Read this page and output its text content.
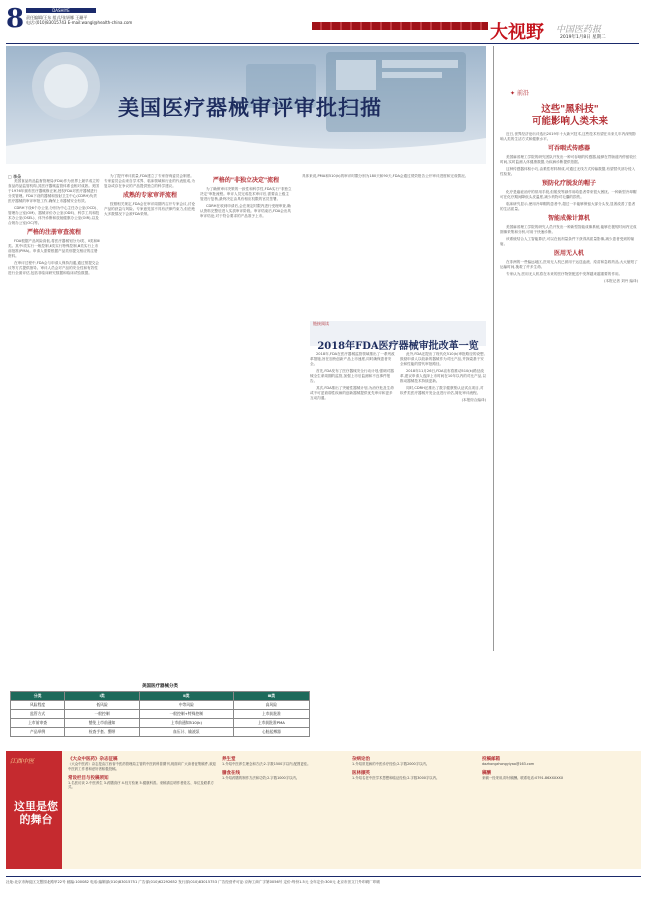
8	DASHIYE
责任编辑/王东 组式/张妍娜 王珊平
电话:(010)83015743 E-mail:wangl@health-china.com	大视野 中国医药报
2019年1月8日 星期二
美国医疗器械审评审批扫描
□ 李朵

美国食品药品监督管理局(FDA)作为世界上最早成立的食品药品监管机构,其医疗器械监管体系也相对成熟。美国于1976年颁布医疗器械修正案,授权FDA对医疗器械进行分类管理。FDA下设的器械和放射卫生中心(CDRH)负责医疗器械的审评审批工作,确保上市器械安全有效。

CDRH下设6个办公室,分别为中心主任办公室(OCD)、管理办公室(OM)、器械评价办公室(ODE)、科学工具和技术办公室(OSEL)、体外诊断和放射健康办公室(OIR),以及合规办公室(OC)等。

严格的注册审查流程

FDA根据产品风险高低,将医疗器械划分为Ⅰ类、Ⅱ类和Ⅲ类。其中Ⅰ类实行一般控制,Ⅱ类实行特殊控制,Ⅲ类实行上市前批准(PMA)。申请人需要根据产品类别提交相应的注册资料。

在审评过程中,FDA会与申请人保持沟通,通过预提交会议等方式提供指导。审评人员会对产品的安全性和有效性进行全面评估,包括非临床研究数据和临床试验数据。

为了提升审评质量,FDA建立了专家咨询委员会制度。专家委员会由来自学术界、临床领域和行业的代表组成,为复杂或存在争议的产品提供独立的科学建议。

成熟的专家审评流程

按照相关规定,FDA会在审评周期内召开专家会议,讨论产品的获益与风险。专家意见虽不具有法律约束力,但在绝大多数情况下会被FDA采纳。

严格的"非独立决定"流程

为了确保审评决策的一致性和科学性,FDA实行"非独立决定"审批流程。审评人员完成技术审评后,需要由上级主管进行复核,最终决定由具有相应权限的官员签署。

CDRH在收到申请后,会在规定时限内进行受理审查,确认资料完整后进入实质审评阶段。审评结束后,FDA会出具审评结论,对于符合要求的产品准予上市。

具体来说,PMA和510(k)的审评时限分别为180天和90天,FDA会通过绩效报告公开审评进度和完成情况。

链接阅读
2018年FDA医疗器械审批改革一览

2018年,FDA在医疗器械监管领域推出了一系列改革措施,旨在加快创新产品上市速度,同时确保患者安全。

首先,FDA发布了医疗器械安全行动计划,强调对器械全生命周期的监管,加强上市后监测和不良事件报告。

其次,FDA推出了突破性器械计划,为治疗危及生命或不可逆衰弱性疾病的创新器械提供优先审评和更多互动沟通。

此外,FDA还提出了现代化510(k)审批路径的设想,鼓励申请人以较新的器械作为对比产品,并探索基于安全和性能的替代审批路径。

2018年11月26日,FDA宣布将推动510(k)路径改革,建议申请人选择上市时间在10年以内的对比产品,以推动器械技术持续更新。

同时,CDRH还推出了数字健康预认证试点项目,对软件类医疗器械开发企业进行评估,简化审评流程。

(本报综合编译)

美国医疗器械分类
分类	Ⅰ类	Ⅱ类	Ⅲ类
风险程度	低风险	中等风险	高风险
监管方式	一般控制	一般控制+特殊控制	上市前批准
上市前审查	豁免上市前通知	上市前通知510(k)	上市前批准PMA
产品举例	检查手套、绷带	血压计、输液泵	心脏起搏器
✦ 前沿
这些"黑科技"
可能影响人类未来

近日,世界经济论坛评选出2019年十大新兴技术,这些技术有望在未来几年内深刻影响人类的生活方式和健康水平。

可吞咽式传感器

美国麻省理工学院的研究团队开发出一种可吞咽的传感器,能够在胃肠道内停留较长时间,实时监测人体健康数据,为疾病诊断提供依据。

这种传感器体积小巧,由柔性材料制成,可通过无线方式传输数据,有望替代部分侵入性检查。

预防化疗脱发的帽子

化疗是癌症治疗的常用手段,但脱发等副作用给患者带来很大困扰。一种新型冷却帽可在化疗期间降低头皮温度,减少药物对毛囊的损伤。

临床研究显示,使用冷却帽的患者中,超过一半能够保留大部分头发,显著改善了患者的生活质量。

智能成像计算机

美国麻省理工学院的研究人员开发出一种新型智能成像系统,能够在极短时间内完成图像采集和分析,可用于快速诊断。

该系统结合人工智能算法,可以在低剂量条件下获得高质量影像,减少患者受到的辐射。

医用无人机

在非洲的一些偏远地区,医用无人机已被用于运送血液、疫苗和急救药品,大大缩短了运输时间,挽救了许多生命。

专家认为,医用无人机将在未来的医疗物资配送中发挥越来越重要的作用。

(本报记者 刘丹 编译)

江西中医
这里是您的舞台
《大众中医药》杂志征稿
《大众中医药》杂志是由江西省中医药管理局主管的中医药科普期刊,现面向广大读者征集稿件,欢迎中医药工作者和爱好者积极投稿。
常设栏目与投稿须知
1.名医访谈 2.中医养生 3.药膳食疗 4.经方验案 5.健康科普。来稿请注明作者姓名、单位及联系方式。
养生堂
1.介绍中医养生理念和方法;2.字数1500字以内,配图更佳。
膳食在线
1.介绍药膳的制作方法和功效;2.字数1000字以内。
杂病论治
1.介绍常见病的中医诊疗经验;2.字数2000字以内。
医林撷英
1.介绍名老中医学术思想和临证经验;2.字数3000字以内。
投稿邮箱
dazhongzhongyiyao@163.com
稿酬
来稿一经采用,即付稿酬。联系电话:0791-86XXXXXX
社址:北京市海淀区文慧园北路甲22号 邮编:100082 电话:编辑部(010)83015751 广告部(010)62292652 发行部(010)83015753 广告经营许可证:京海工商广字第0056号 定价:每份1.5元 全年定价:300元 北京市崇文门外印刷厂印刷
